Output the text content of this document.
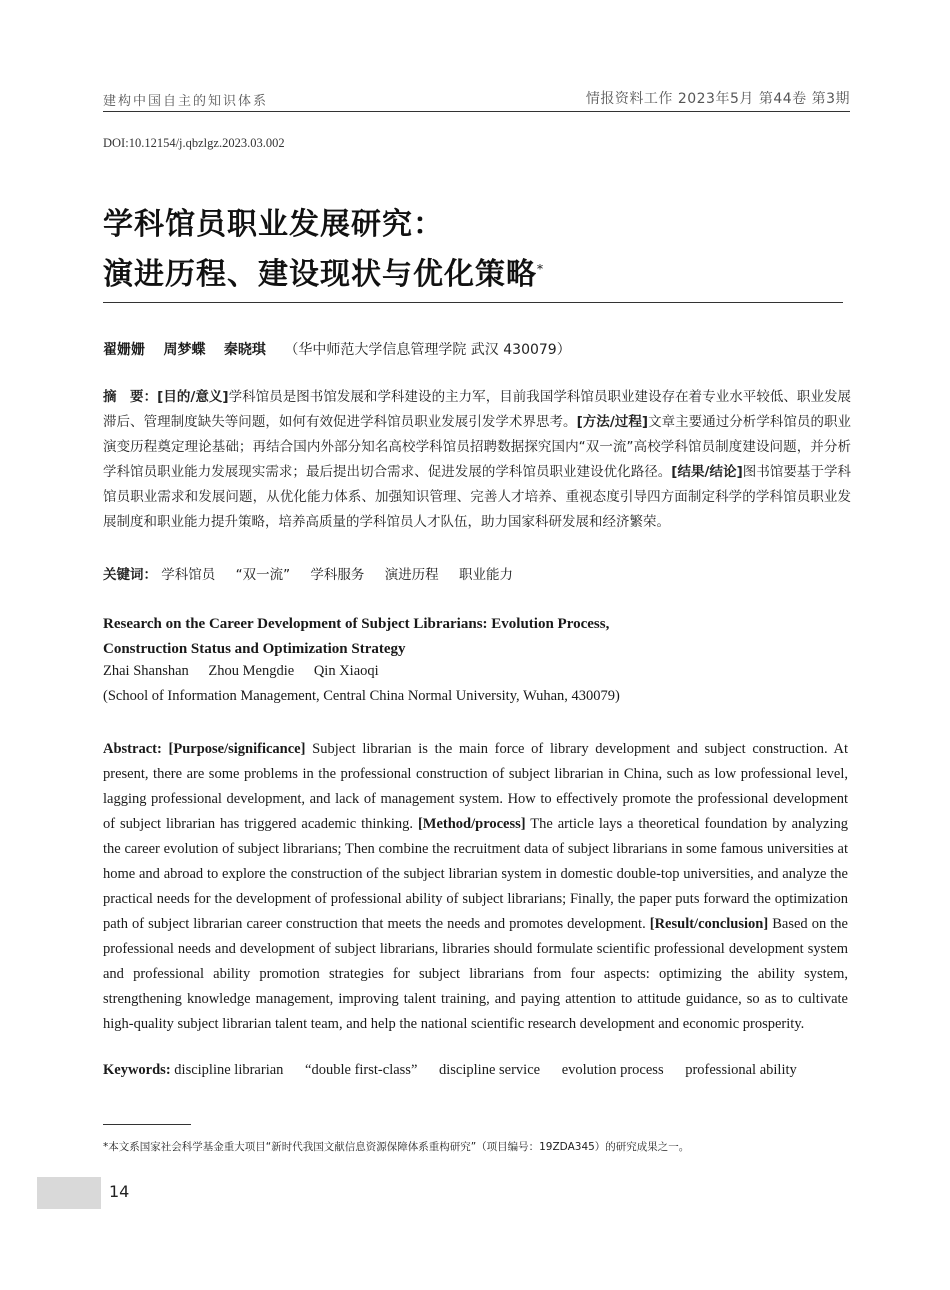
建构中国自主的知识体系	情报资料工作 2023年5月 第44卷 第3期
DOI:10.12154/j.qbzlgz.2023.03.002
学科馆员职业发展研究：
演进历程、建设现状与优化策略*
翟姗姗 周梦蝶 秦晓琪 （华中师范大学信息管理学院 武汉 430079）
摘　要：[目的/意义]学科馆员是图书馆发展和学科建设的主力军，目前我国学科馆员职业建设存在着专业水平较低、职业发展滞后、管理制度缺失等问题，如何有效促进学科馆员职业发展引发学术界思考。[方法/过程]文章主要通过分析学科馆员的职业演变历程奠定理论基础；再结合国内外部分知名高校学科馆员招聘数据探究国内“双一流”高校学科馆员制度建设问题，并分析学科馆员职业能力发展现实需求；最后提出切合需求、促进发展的学科馆员职业建设优化路径。[结果/结论]图书馆要基于学科馆员职业需求和发展问题，从优化能力体系、加强知识管理、完善人才培养、重视态度引导四方面制定科学的学科馆员职业发展制度和职业能力提升策略，培养高质量的学科馆员人才队伍，助力国家科研发展和经济繁荣。
关键词： 学科馆员 “双一流” 学科服务 演进历程 职业能力
Research on the Career Development of Subject Librarians: Evolution Process,
Construction Status and Optimization Strategy
Zhai Shanshan Zhou Mengdie Qin Xiaoqi
(School of Information Management, Central China Normal University, Wuhan, 430079)
Abstract: [Purpose/significance] Subject librarian is the main force of library development and subject construction. At present, there are some problems in the professional construction of subject librarian in China, such as low professional level, lagging professional development, and lack of management system. How to effectively promote the professional development of subject librarian has triggered academic thinking. [Method/process] The article lays a theoretical foundation by analyzing the career evolution of subject librarians; Then combine the recruitment data of subject librarians in some famous universities at home and abroad to explore the construction of the subject librarian system in domestic double-top universities, and analyze the practical needs for the development of professional ability of subject librarians; Finally, the paper puts forward the optimization path of subject librarian career construction that meets the needs and promotes development. [Result/conclusion] Based on the professional needs and development of subject librarians, libraries should formulate scientific professional development system and professional ability promotion strategies for subject librarians from four aspects: optimizing the ability system, strengthening knowledge management, improving talent training, and paying attention to attitude guidance, so as to cultivate high-quality subject librarian talent team, and help the national scientific research development and economic prosperity.
Keywords: discipline librarian “double first-class” discipline service evolution process professional ability
*本文系国家社会科学基金重大项目“新时代我国文献信息资源保障体系重构研究”（项目编号：19ZDA345）的研究成果之一。
14
